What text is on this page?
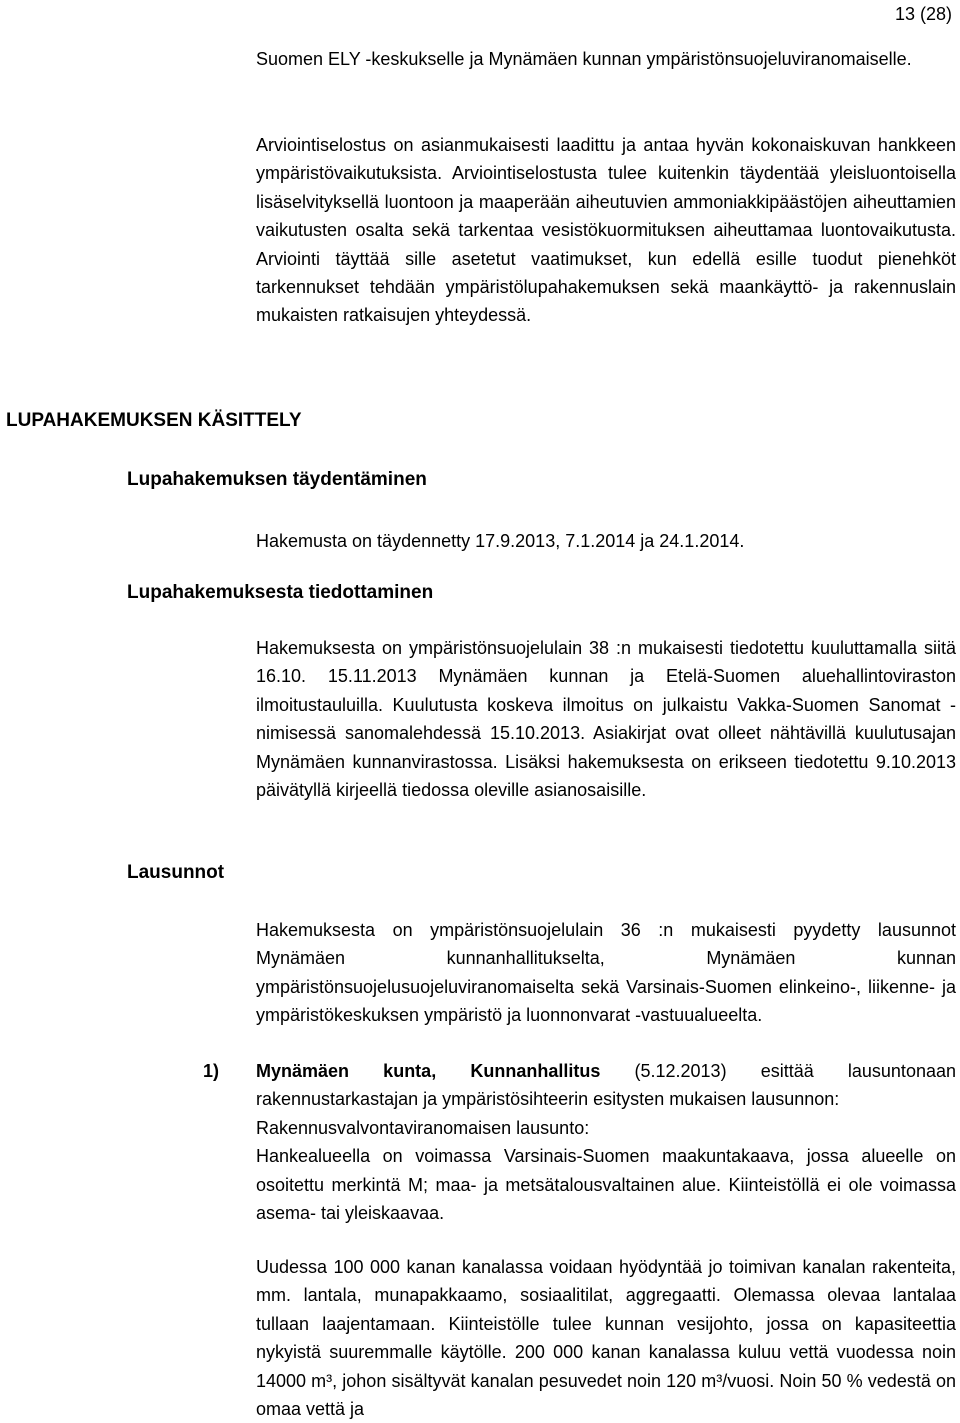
13 (28)

Suomen ELY -keskukselle ja Mynämäen kunnan ympäristönsuojeluviranomaiselle.

Arviointiselostus on asianmukaisesti laadittu ja antaa hyvän kokonaiskuvan hankkeen ympäristövaikutuksista. Arviointiselostusta tulee kuitenkin täydentää yleisluontoisella lisäselvityksellä luontoon ja maaperään aiheutuvien ammoniakkipäästöjen aiheuttamien vaikutusten osalta sekä tarkentaa vesistökuormituksen aiheuttamaa luontovaikutusta. Arviointi täyttää sille asetetut vaatimukset, kun edellä esille tuodut pienehköt tarkennukset tehdään ympäristölupahakemuksen sekä maankäyttö- ja rakennuslain mukaisten ratkaisujen yhteydessä.

LUPAHAKEMUKSEN KÄSITTELY
Lupahakemuksen täydentäminen

Hakemusta on täydennetty 17.9.2013, 7.1.2014 ja 24.1.2014.

Lupahakemuksesta tiedottaminen

Hakemuksesta on ympäristönsuojelulain 38 :n mukaisesti tiedotettu kuuluttamalla siitä 16.10. 15.11.2013 Mynämäen kunnan ja Etelä-Suomen aluehallintoviraston ilmoitustauluilla. Kuulutusta koskeva ilmoitus on julkaistu Vakka-Suomen Sanomat -nimisessä sanomalehdessä 15.10.2013. Asiakirjat ovat olleet nähtävillä kuulutusajan Mynämäen kunnanvirastossa. Lisäksi hakemuksesta on erikseen tiedotettu 9.10.2013 päivätyllä kirjeellä tiedossa oleville asianosaisille.

Lausunnot

Hakemuksesta on ympäristönsuojelulain 36 :n mukaisesti pyydetty lausunnot Mynämäen kunnanhallitukselta, Mynämäen kunnan ympäristönsuojelusuojeluviranomaiselta sekä Varsinais-Suomen elinkeino-, liikenne- ja ympäristökeskuksen ympäristö ja luonnonvarat -vastuualueelta.

1) Mynämäen kunta, Kunnanhallitus (5.12.2013) esittää lausuntonaan rakennustarkastajan ja ympäristösihteerin esitysten mukaisen lausunnon:
Rakennusvalvontaviranomaisen lausunto:
Hankealueella on voimassa Varsinais-Suomen maakuntakaava, jossa alueelle on osoitettu merkintä M; maa- ja metsätalousvaltainen alue. Kiinteistöllä ei ole voimassa asema- tai yleiskaavaa.

Uudessa 100 000 kanan kanalassa voidaan hyödyntää jo toimivan kanalan rakenteita, mm. lantala, munapakkaamo, sosiaalitilat, aggregaatti. Olemassa olevaa lantalaa tullaan laajentamaan. Kiinteistölle tulee kunnan vesijohto, jossa on kapasiteettia nykyistä suuremmalle käytölle. 200 000 kanan kanalassa kuluu vettä vuodessa noin 14000 m³, johon sisältyvät kanalan pesuvedet noin 120 m³/vuosi. Noin 50 % vedestä on omaa vettä ja
